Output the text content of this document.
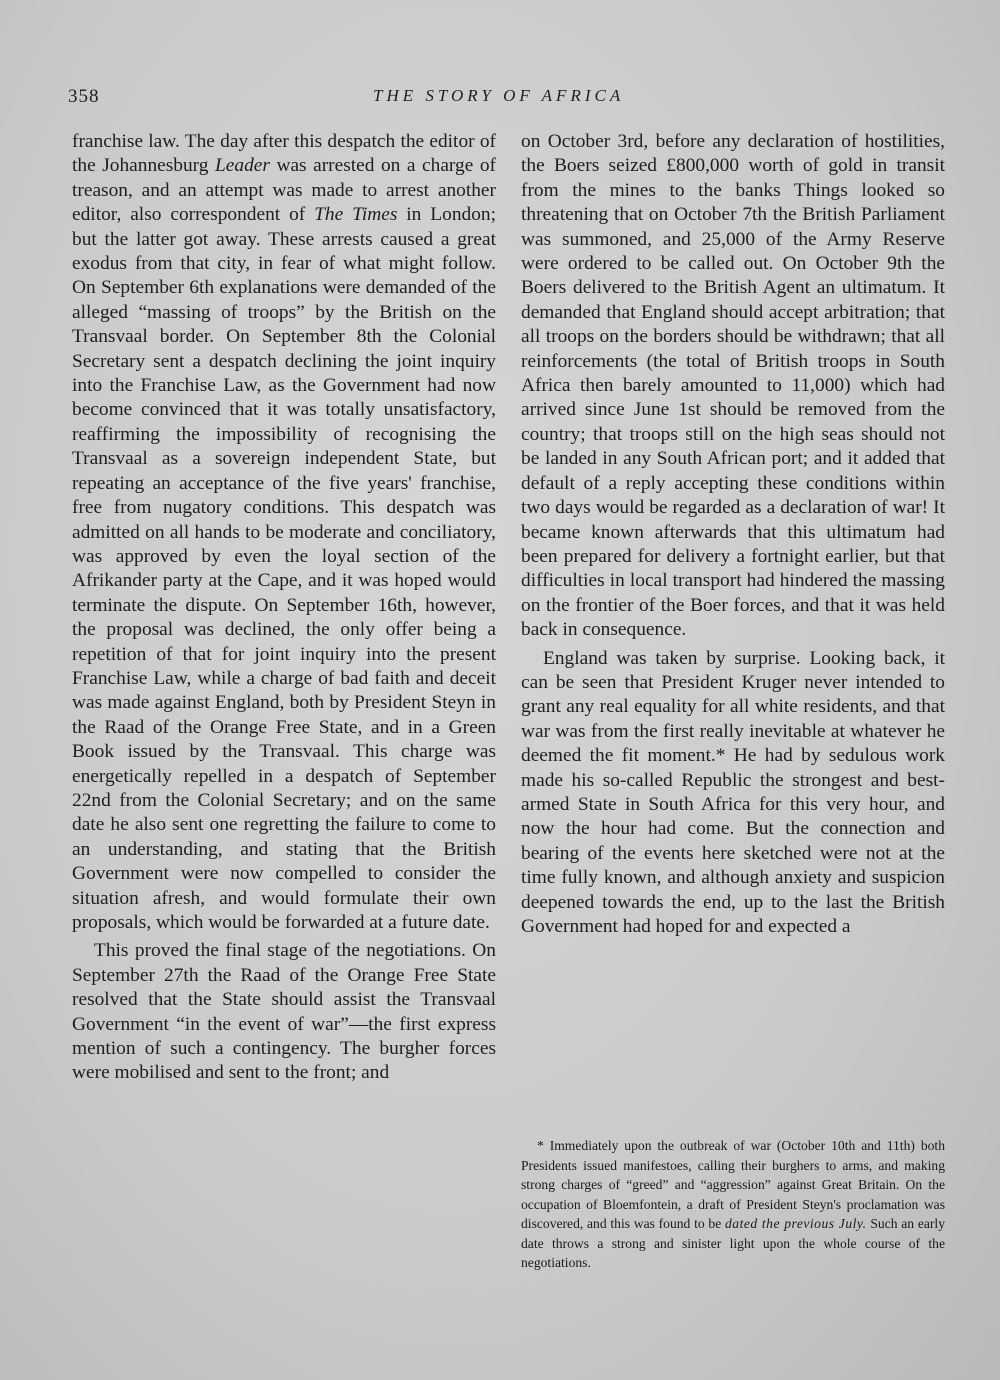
358	THE STORY OF AFRICA

franchise law. The day after this despatch the editor of the Johannesburg Leader was arrested on a charge of treason, and an attempt was made to arrest another editor, also correspondent of The Times in London; but the latter got away. These arrests caused a great exodus from that city, in fear of what might follow. On September 6th explanations were demanded of the alleged “massing of troops” by the British on the Transvaal border. On September 8th the Colonial Secretary sent a despatch declining the joint inquiry into the Franchise Law, as the Government had now become convinced that it was totally unsatisfactory, reaffirming the impossibility of recognising the Transvaal as a sovereign independent State, but repeating an acceptance of the five years' franchise, free from nugatory conditions. This despatch was admitted on all hands to be moderate and conciliatory, was approved by even the loyal section of the Afrikander party at the Cape, and it was hoped would terminate the dispute. On September 16th, however, the proposal was declined, the only offer being a repetition of that for joint inquiry into the present Franchise Law, while a charge of bad faith and deceit was made against England, both by President Steyn in the Raad of the Orange Free State, and in a Green Book issued by the Transvaal. This charge was energetically repelled in a despatch of September 22nd from the Colonial Secretary; and on the same date he also sent one regretting the failure to come to an understanding, and stating that the British Government were now compelled to consider the situation afresh, and would formulate their own proposals, which would be forwarded at a future date.

This proved the final stage of the negotiations. On September 27th the Raad of the Orange Free State resolved that the State should assist the Transvaal Government “in the event of war”—the first express mention of such a contingency. The burgher forces were mobilised and sent to the front; and

on October 3rd, before any declaration of hostilities, the Boers seized £800,000 worth of gold in transit from the mines to the banks Things looked so threatening that on October 7th the British Parliament was summoned, and 25,000 of the Army Reserve were ordered to be called out. On October 9th the Boers delivered to the British Agent an ultimatum. It demanded that England should accept arbitration; that all troops on the borders should be withdrawn; that all reinforcements (the total of British troops in South Africa then barely amounted to 11,000) which had arrived since June 1st should be removed from the country; that troops still on the high seas should not be landed in any South African port; and it added that default of a reply accepting these conditions within two days would be regarded as a declaration of war! It became known afterwards that this ultimatum had been prepared for delivery a fortnight earlier, but that difficulties in local transport had hindered the massing on the frontier of the Boer forces, and that it was held back in consequence.

England was taken by surprise. Looking back, it can be seen that President Kruger never intended to grant any real equality for all white residents, and that war was from the first really inevitable at whatever he deemed the fit moment.* He had by sedulous work made his so-called Republic the strongest and best-armed State in South Africa for this very hour, and now the hour had come. But the connection and bearing of the events here sketched were not at the time fully known, and although anxiety and suspicion deepened towards the end, up to the last the British Government had hoped for and expected a

* Immediately upon the outbreak of war (October 10th and 11th) both Presidents issued manifestoes, calling their burghers to arms, and making strong charges of “greed” and “aggression” against Great Britain. On the occupation of Bloemfontein, a draft of President Steyn's proclamation was discovered, and this was found to be dated the previous July. Such an early date throws a strong and sinister light upon the whole course of the negotiations.
